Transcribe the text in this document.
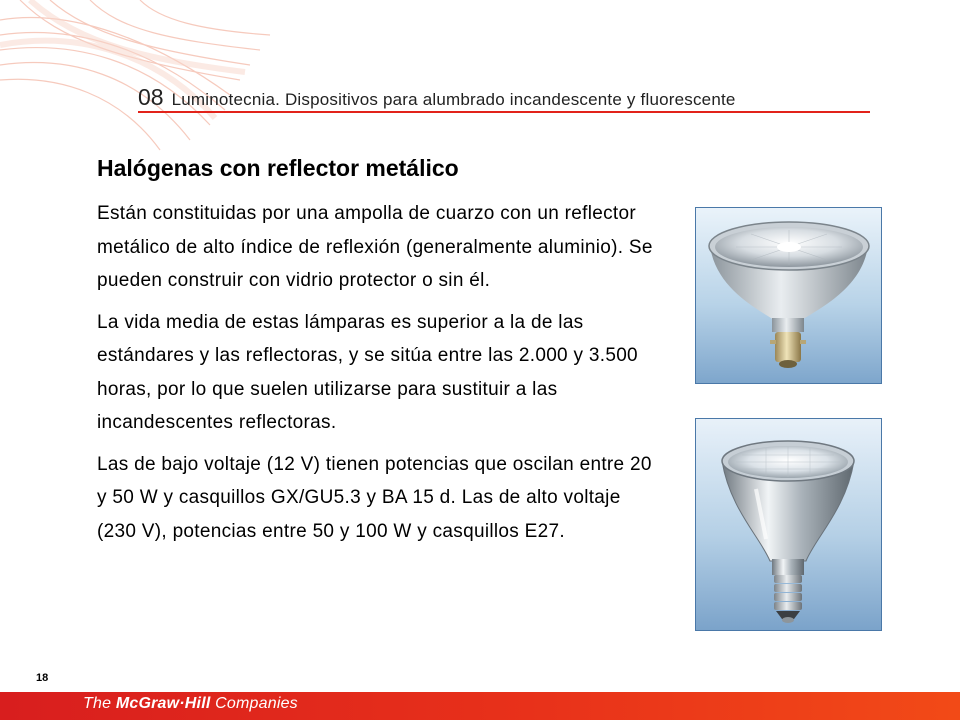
08 Luminotecnia. Dispositivos para alumbrado incandescente y fluorescente
Halógenas con reflector metálico

Están constituidas por una ampolla de cuarzo con un reflector metálico de alto índice de reflexión (generalmente aluminio). Se pueden construir con vidrio protector o sin él.

La vida media de estas lámparas es superior a la de las estándares y las reflectoras, y se sitúa entre las 2.000 y 3.500 horas, por lo que suelen utilizarse para sustituir a las incandescentes reflectoras.

Las de bajo voltaje (12 V) tienen potencias que oscilan entre 20 y 50 W y casquillos GX/GU5.3 y BA 15 d. Las de alto voltaje (230 V), potencias entre 50 y 100 W y casquillos E27.

18
The McGraw·Hill Companies
